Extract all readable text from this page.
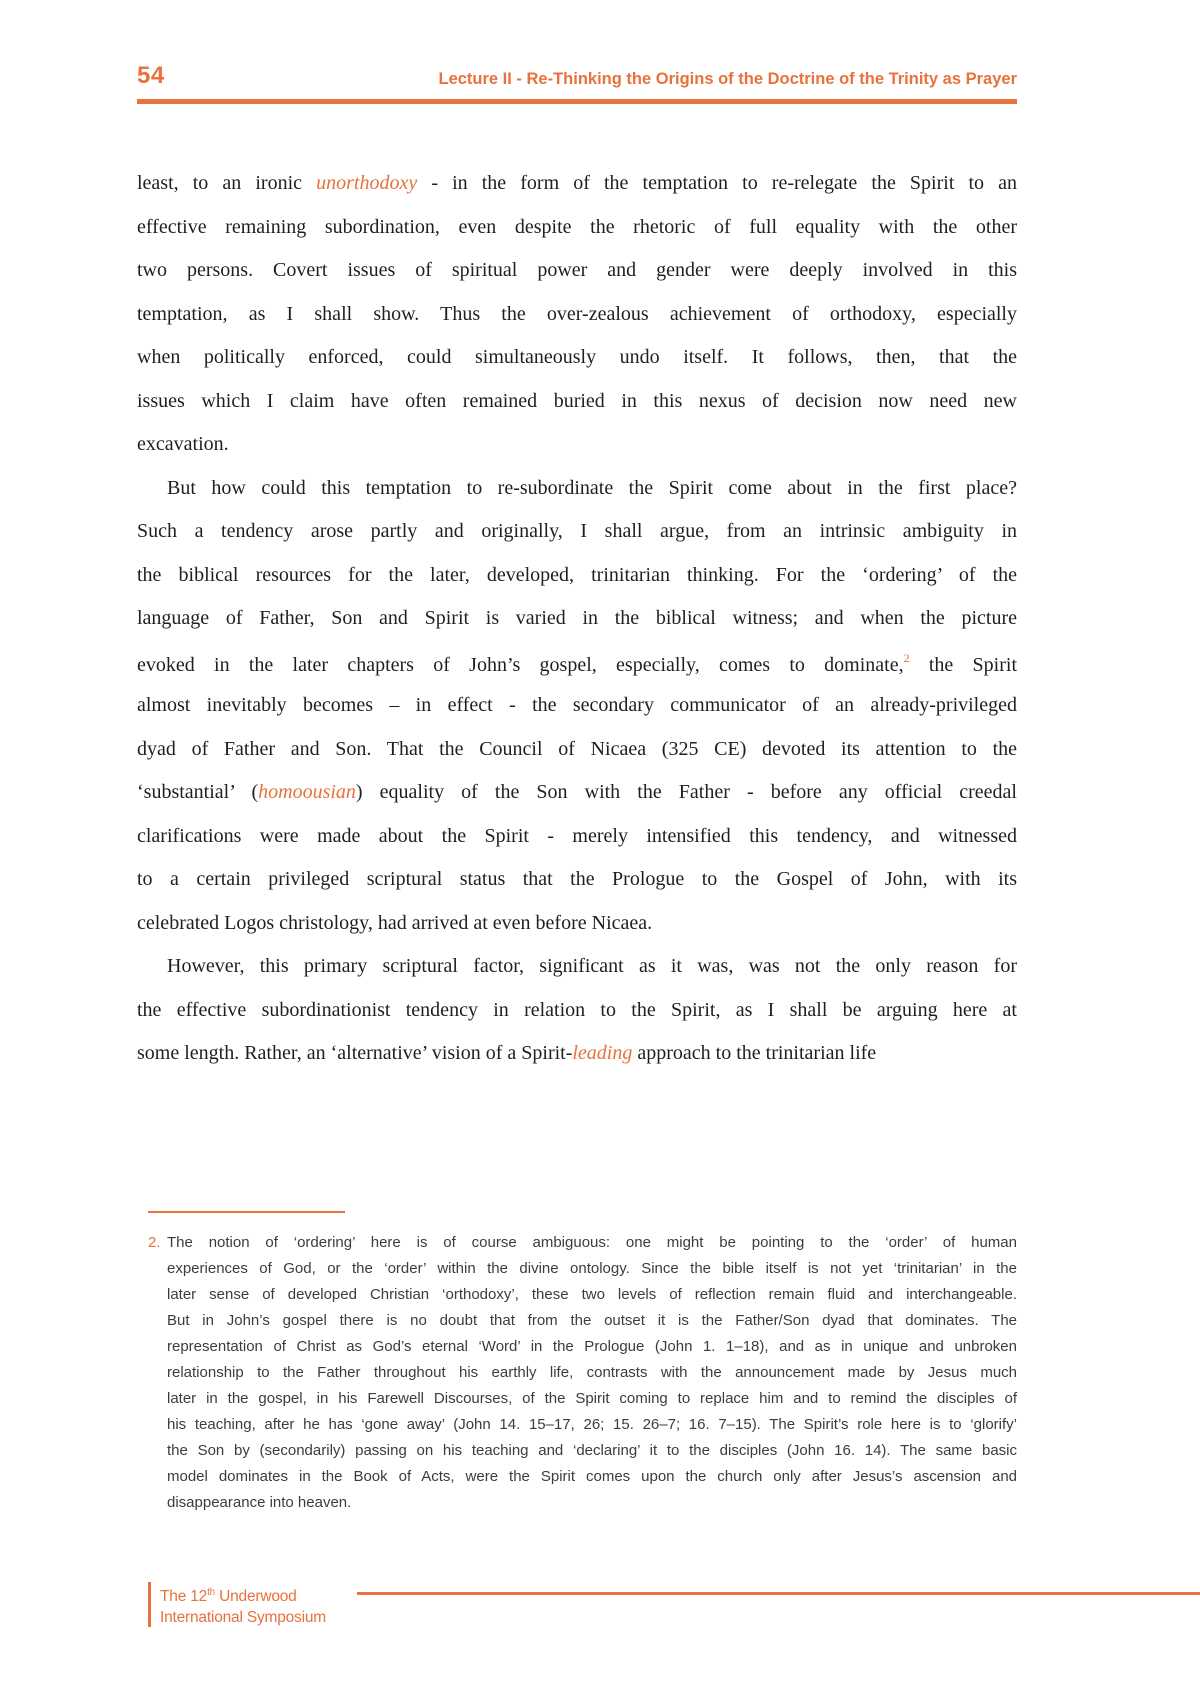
54	Lecture II - Re-Thinking the Origins of the Doctrine of the Trinity as Prayer
least, to an ironic unorthodoxy - in the form of the temptation to re-relegate the Spirit to an
effective remaining subordination, even despite the rhetoric of full equality with the other
two persons. Covert issues of spiritual power and gender were deeply involved in this
temptation, as I shall show. Thus the over-zealous achievement of orthodoxy, especially
when politically enforced, could simultaneously undo itself. It follows, then, that the
issues which I claim have often remained buried in this nexus of decision now need new
excavation.
But how could this temptation to re-subordinate the Spirit come about in the first place?
Such a tendency arose partly and originally, I shall argue, from an intrinsic ambiguity in
the biblical resources for the later, developed, trinitarian thinking. For the ‘ordering’ of the
language of Father, Son and Spirit is varied in the biblical witness; and when the picture
evoked in the later chapters of John’s gospel, especially, comes to dominate,$^2$ the Spirit
almost inevitably becomes – in effect - the secondary communicator of an already-privileged
dyad of Father and Son. That the Council of Nicaea (325 CE) devoted its attention to the
‘substantial’ (homoousian) equality of the Son with the Father - before any official creedal
clarifications were made about the Spirit - merely intensified this tendency, and witnessed
to a certain privileged scriptural status that the Prologue to the Gospel of John, with its
celebrated Logos christology, had arrived at even before Nicaea.
However, this primary scriptural factor, significant as it was, was not the only reason for
the effective subordinationist tendency in relation to the Spirit, as I shall be arguing here at
some length. Rather, an ‘alternative’ vision of a Spirit-leading approach to the trinitarian life
2. The notion of ‘ordering’ here is of course ambiguous: one might be pointing to the ‘order’ of human
experiences of God, or the ‘order’ within the divine ontology. Since the bible itself is not yet ‘trinitarian’ in the
later sense of developed Christian ‘orthodoxy’, these two levels of reflection remain fluid and interchangeable.
But in John’s gospel there is no doubt that from the outset it is the Father/Son dyad that dominates. The
representation of Christ as God’s eternal ‘Word’ in the Prologue (John 1. 1–18), and as in unique and unbroken
relationship to the Father throughout his earthly life, contrasts with the announcement made by Jesus much
later in the gospel, in his Farewell Discourses, of the Spirit coming to replace him and to remind the disciples of
his teaching, after he has ‘gone away’ (John 14. 15–17, 26; 15. 26–7; 16. 7–15). The Spirit’s role here is to ‘glorify’
the Son by (secondarily) passing on his teaching and ‘declaring’ it to the disciples (John 16. 14). The same basic
model dominates in the Book of Acts, were the Spirit comes upon the church only after Jesus’s ascension and
disappearance into heaven.
The 12th Underwood
International Symposium
